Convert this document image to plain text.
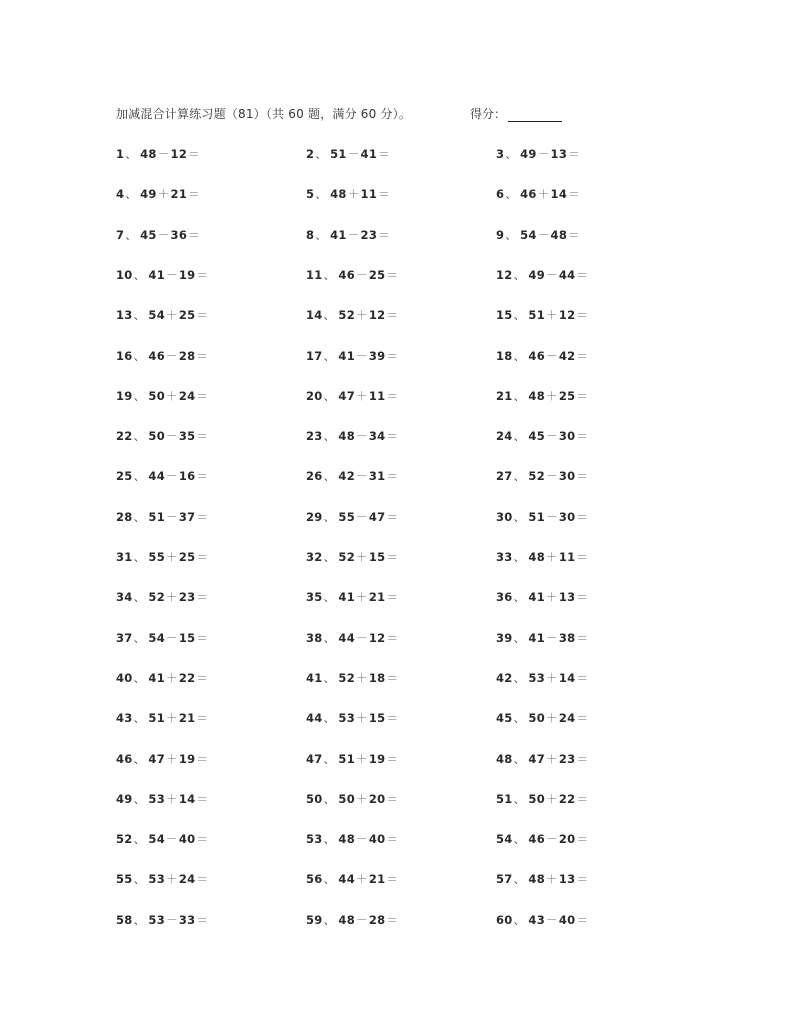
加减混合计算练习题（81）（共 60 题，满分 60 分）。	得分：
1、 48－12＝	2、 51－41＝	3、 49－13＝
4、 49＋21＝	5、 48＋11＝	6、 46＋14＝
7、 45－36＝	8、 41－23＝	9、 54－48＝
10、 41－19＝	11、 46－25＝	12、 49－44＝
13、 54＋25＝	14、 52＋12＝	15、 51＋12＝
16、 46－28＝	17、 41－39＝	18、 46－42＝
19、 50＋24＝	20、 47＋11＝	21、 48＋25＝
22、 50－35＝	23、 48－34＝	24、 45－30＝
25、 44－16＝	26、 42－31＝	27、 52－30＝
28、 51－37＝	29、 55－47＝	30、 51－30＝
31、 55＋25＝	32、 52＋15＝	33、 48＋11＝
34、 52＋23＝	35、 41＋21＝	36、 41＋13＝
37、 54－15＝	38、 44－12＝	39、 41－38＝
40、 41＋22＝	41、 52＋18＝	42、 53＋14＝
43、 51＋21＝	44、 53＋15＝	45、 50＋24＝
46、 47＋19＝	47、 51＋19＝	48、 47＋23＝
49、 53＋14＝	50、 50＋20＝	51、 50＋22＝
52、 54－40＝	53、 48－40＝	54、 46－20＝
55、 53＋24＝	56、 44＋21＝	57、 48＋13＝
58、 53－33＝	59、 48－28＝	60、 43－40＝
